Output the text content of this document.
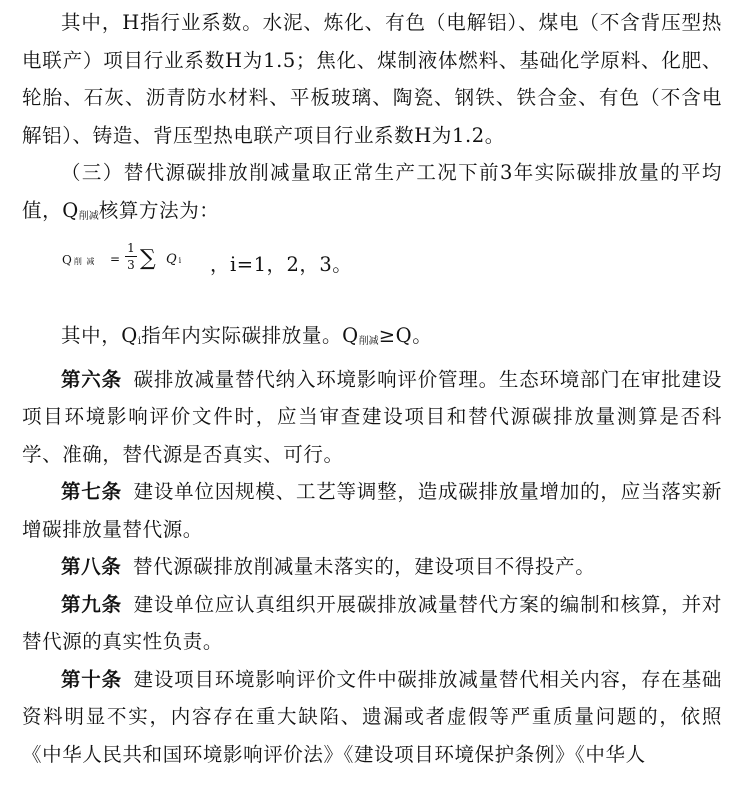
其中，H指行业系数。水泥、炼化、有色（电解铝）、煤电（不含背压型热电联产）项目行业系数H为1.5；焦化、煤制液体燃料、基础化学原料、化肥、轮胎、石灰、沥青防水材料、平板玻璃、陶瓷、钢铁、铁合金、有色（不含电解铝）、铸造、背压型热电联产项目行业系数H为1.2。

（三）替代源碳排放削减量取正常生产工况下前3年实际碳排放量的平均值，Q削减核算方法为：

Q削 减 =
1
3 ∑ Qi ，i=1，2，3。

其中，Qi指年内实际碳排放量。Q削减≥Q。

第六条 碳排放减量替代纳入环境影响评价管理。生态环境部门在审批建设项目环境影响评价文件时，应当审查建设项目和替代源碳排放量测算是否科学、准确，替代源是否真实、可行。

第七条 建设单位因规模、工艺等调整，造成碳排放量增加的，应当落实新增碳排放量替代源。

第八条 替代源碳排放削减量未落实的，建设项目不得投产。

第九条 建设单位应认真组织开展碳排放减量替代方案的编制和核算，并对替代源的真实性负责。

第十条 建设项目环境影响评价文件中碳排放减量替代相关内容，存在基础资料明显不实，内容存在重大缺陷、遗漏或者虚假等严重质量问题的，依照《中华人民共和国环境影响评价法》《建设项目环境保护条例》《中华人
